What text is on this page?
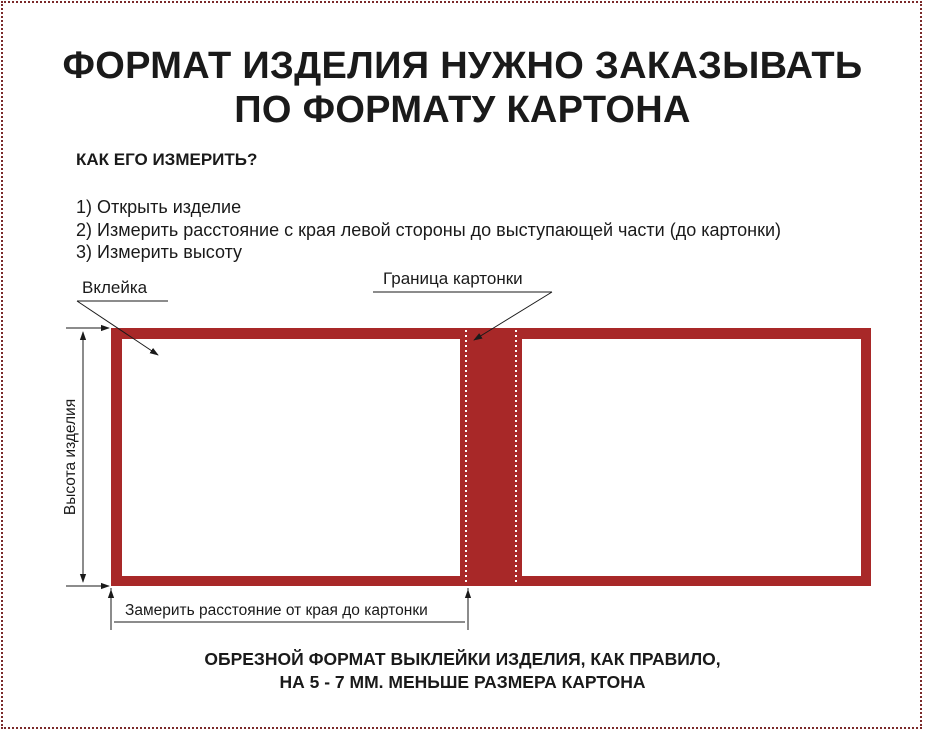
ФОРМАТ ИЗДЕЛИЯ НУЖНО ЗАКАЗЫВАТЬ
ПО ФОРМАТУ КАРТОНА
КАК ЕГО ИЗМЕРИТЬ?
1) Открыть изделие
2) Измерить расстояние с края левой стороны до выступающей части (до картонки)
3) Измерить высоту
Вклейка	Граница картонки
Высота изделия
Замерить расстояние от края до картонки
ОБРЕЗНОЙ ФОРМАТ ВЫКЛЕЙКИ ИЗДЕЛИЯ, КАК ПРАВИЛО,
НА 5 - 7 ММ. МЕНЬШЕ РАЗМЕРА КАРТОНА
